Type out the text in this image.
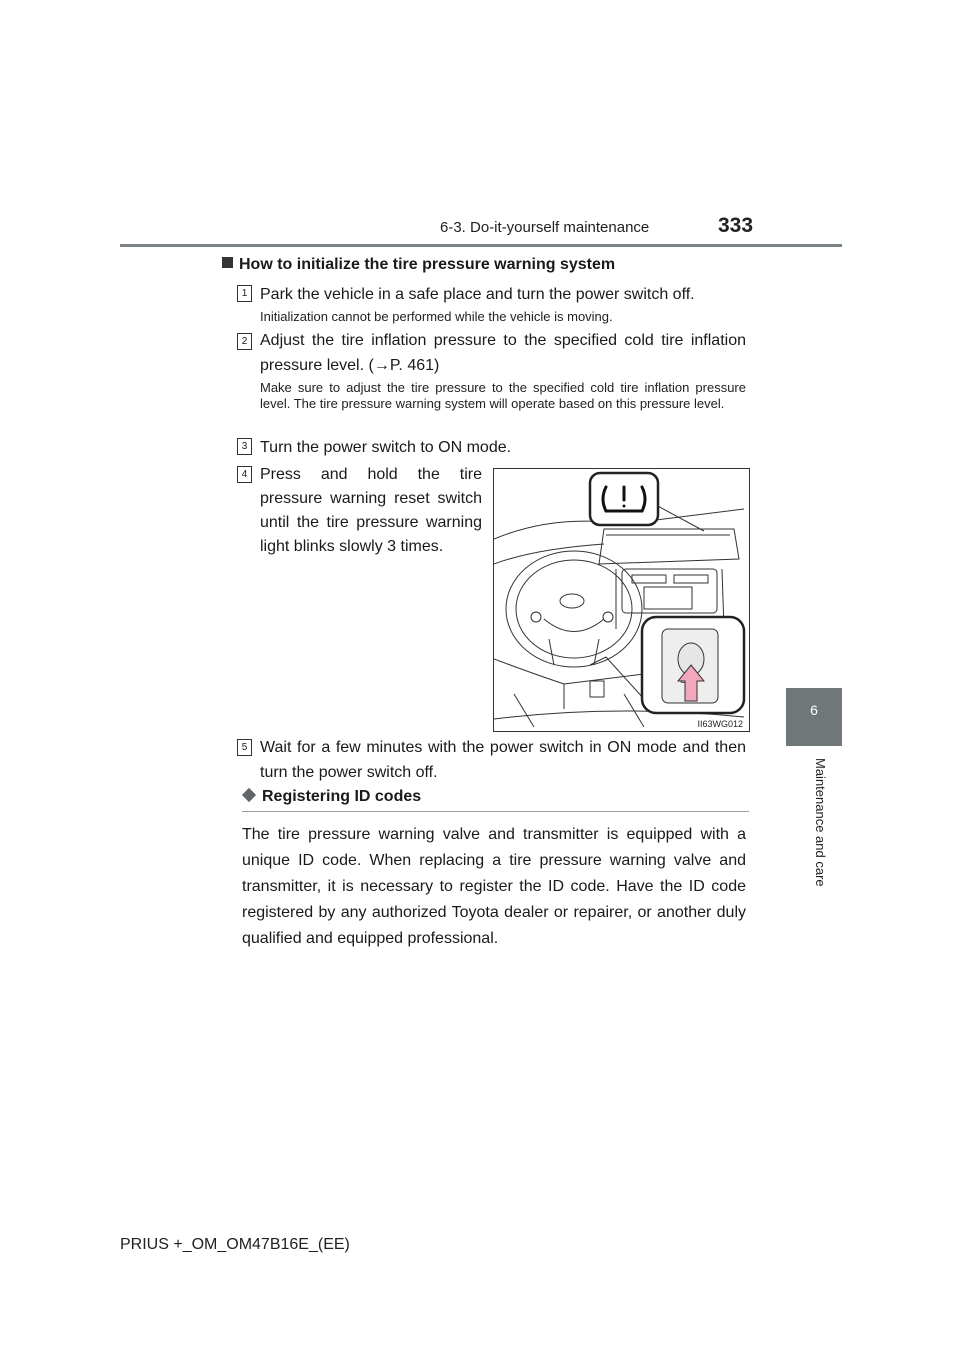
6-3. Do-it-yourself maintenance	333
6
Maintenance and care
How to initialize the tire pressure warning system
1 Park the vehicle in a safe place and turn the power switch off.
Initialization cannot be performed while the vehicle is moving.
2 Adjust the tire inflation pressure to the specified cold tire inflation pressure level. (→P. 461)
Make sure to adjust the tire pressure to the specified cold tire inflation pressure level. The tire pressure warning system will operate based on this pressure level.
3 Turn the power switch to ON mode.
4 Press and hold the tire pressure warning reset switch until the tire pressure warning light blinks slowly 3 times.
II63WG012
5 Wait for a few minutes with the power switch in ON mode and then turn the power switch off.
Registering ID codes
The tire pressure warning valve and transmitter is equipped with a unique ID code. When replacing a tire pressure warning valve and transmitter, it is necessary to register the ID code. Have the ID code registered by any authorized Toyota dealer or repairer, or another duly qualified and equipped professional.
PRIUS +_OM_OM47B16E_(EE)
